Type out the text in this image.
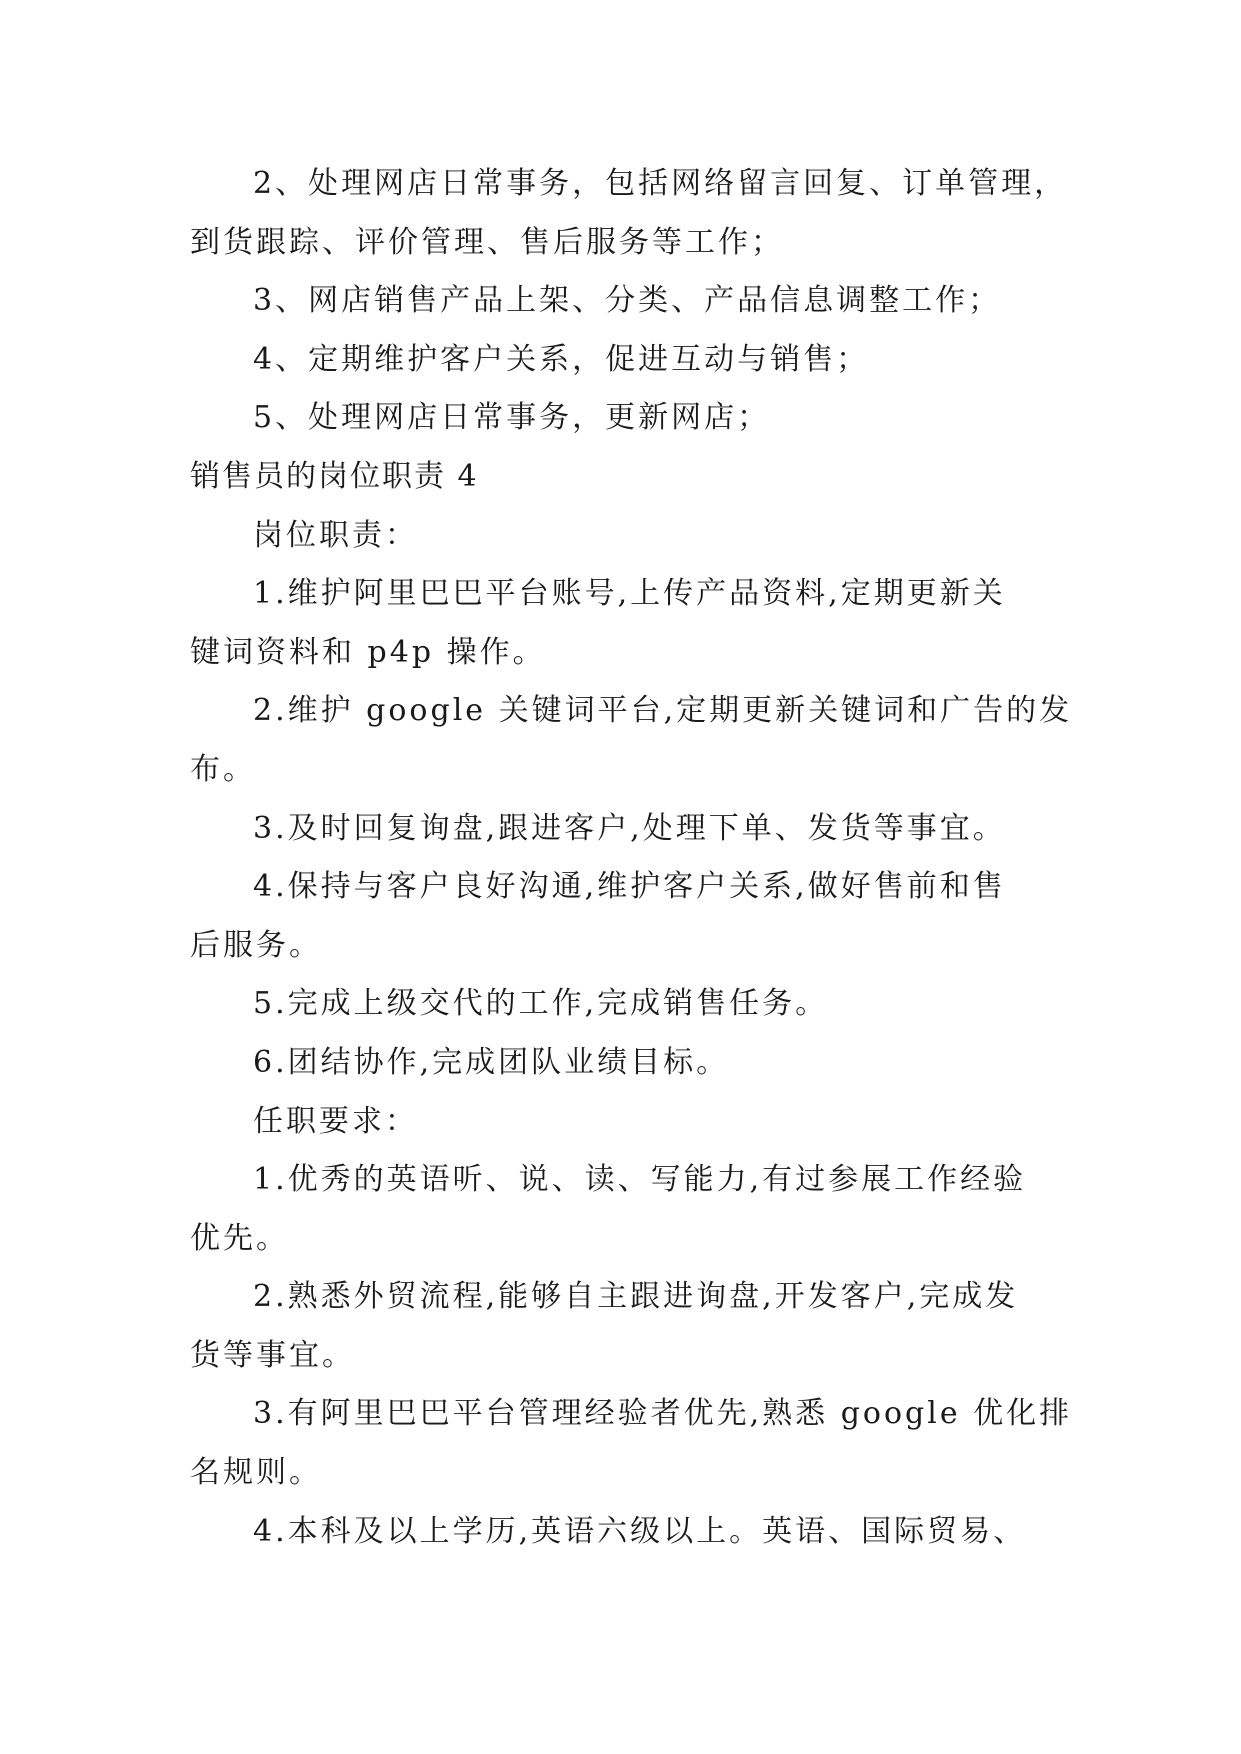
2、处理网店日常事务，包括网络留言回复、订单管理，
到货跟踪、评价管理、售后服务等工作；
3、网店销售产品上架、分类、产品信息调整工作；
4、定期维护客户关系，促进互动与销售；
5、处理网店日常事务，更新网店；
销售员的岗位职责 4
岗位职责：
1.维护阿里巴巴平台账号,上传产品资料,定期更新关
键词资料和 p4p 操作。
2.维护 google 关键词平台,定期更新关键词和广告的发
布。
3.及时回复询盘,跟进客户,处理下单、发货等事宜。
4.保持与客户良好沟通,维护客户关系,做好售前和售
后服务。
5.完成上级交代的工作,完成销售任务。
6.团结协作,完成团队业绩目标。
任职要求：
1.优秀的英语听、说、读、写能力,有过参展工作经验
优先。
2.熟悉外贸流程,能够自主跟进询盘,开发客户,完成发
货等事宜。
3.有阿里巴巴平台管理经验者优先,熟悉 google 优化排
名规则。
4.本科及以上学历,英语六级以上。英语、国际贸易、
